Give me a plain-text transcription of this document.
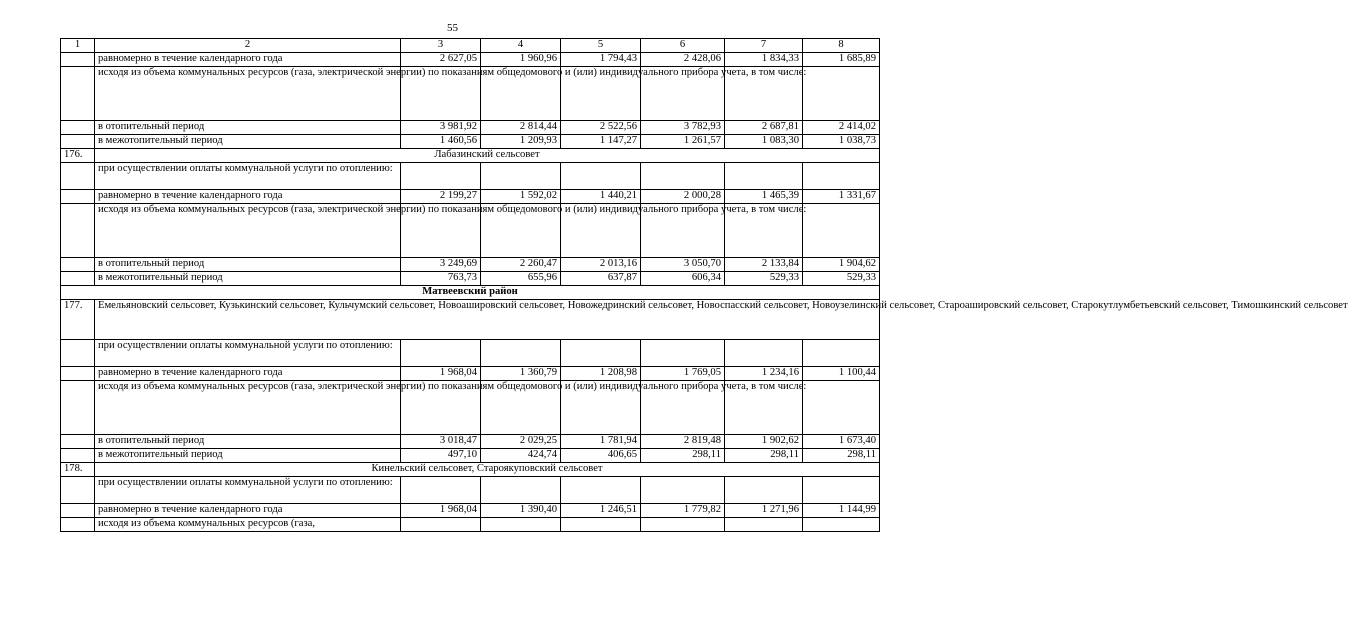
55
1	2	3	4	5	6	7	8
	равномерно в течение календарного года	2 627,05	1 960,96	1 794,43	2 428,06	1 834,33	1 685,89
	исходя из объема коммунальных ресурсов (газа, электрической энергии) по показаниям общедомового и (или) индивидуального прибора учета, в том числе:						
	в отопительный период	3 981,92	2 814,44	2 522,56	3 782,93	2 687,81	2 414,02
	в межотопительный период	1 460,56	1 209,93	1 147,27	1 261,57	1 083,30	1 038,73
176.	Лабазинский сельсовет						
	при осуществлении оплаты коммунальной услуги по отоплению:						
	равномерно в течение календарного года	2 199,27	1 592,02	1 440,21	2 000,28	1 465,39	1 331,67
	исходя из объема коммунальных ресурсов (газа, электрической энергии) по показаниям общедомового и (или) индивидуального прибора учета, в том числе:						
	в отопительный период	3 249,69	2 260,47	2 013,16	3 050,70	2 133,84	1 904,62
	в межотопительный период	763,73	655,96	637,87	606,34	529,33	529,33
Матвеевский район							
177.	Емельяновский сельсовет, Кузькинский сельсовет, Кульчумский сельсовет, Новоаширoвский сельсовет, Новожедринский сельсовет, Новоспасский сельсовет, Новоузелинский сельсовет, Староаширoвский сельсовет, Старокутлумбетьевский сельсовет, Тимошкинский сельсовет						
	при осуществлении оплаты коммунальной услуги по отоплению:						
	равномерно в течение календарного года	1 968,04	1 360,79	1 208,98	1 769,05	1 234,16	1 100,44
	исходя из объема коммунальных ресурсов (газа, электрической энергии) по показаниям общедомового и (или) индивидуального прибора учета, в том числе:						
	в отопительный период	3 018,47	2 029,25	1 781,94	2 819,48	1 902,62	1 673,40
	в межотопительный период	497,10	424,74	406,65	298,11	298,11	298,11
178.	Кинельский сельсовет, Староякуповский сельсовет						
	при осуществлении оплаты коммунальной услуги по отоплению:						
	равномерно в течение календарного года	1 968,04	1 390,40	1 246,51	1 779,82	1 271,96	1 144,99
	исходя из объема коммунальных ресурсов (газа,						
